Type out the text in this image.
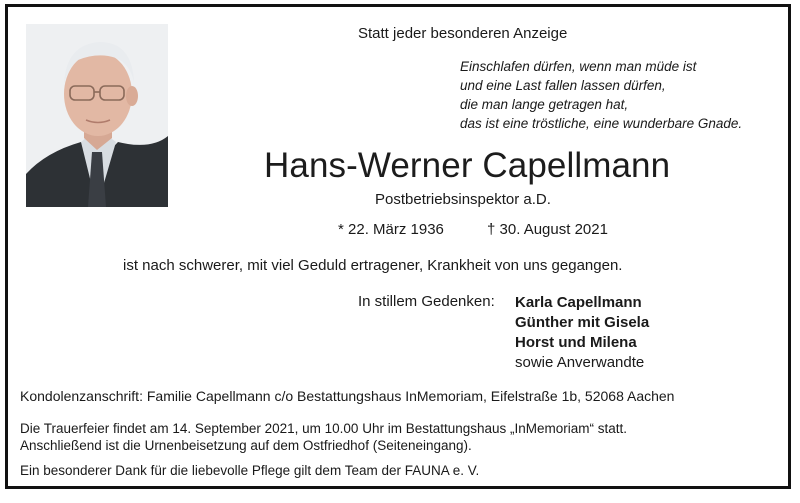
Statt jeder besonderen Anzeige
Einschlafen dürfen, wenn man müde ist
und eine Last fallen lassen dürfen,
die man lange getragen hat,
das ist eine tröstliche, eine wunderbare Gnade.
Hans-Werner Capellmann
Postbetriebsinspektor a.D.
* 22. März 1936	† 30. August 2021
ist nach schwerer, mit viel Geduld ertragener, Krankheit von uns gegangen.
In stillem Gedenken: Karla Capellmann
Günther mit Gisela
Horst und Milena
sowie Anverwandte
Kondolenzanschrift: Familie Capellmann c/o Bestattungshaus InMemoriam, Eifelstraße 1b, 52068 Aachen
Die Trauerfeier findet am 14. September 2021, um 10.00 Uhr im Bestattungshaus „InMemoriam“ statt.
Anschließend ist die Urnenbeisetzung auf dem Ostfriedhof (Seiteneingang).
Ein besonderer Dank für die liebevolle Pflege gilt dem Team der FAUNA e. V.
